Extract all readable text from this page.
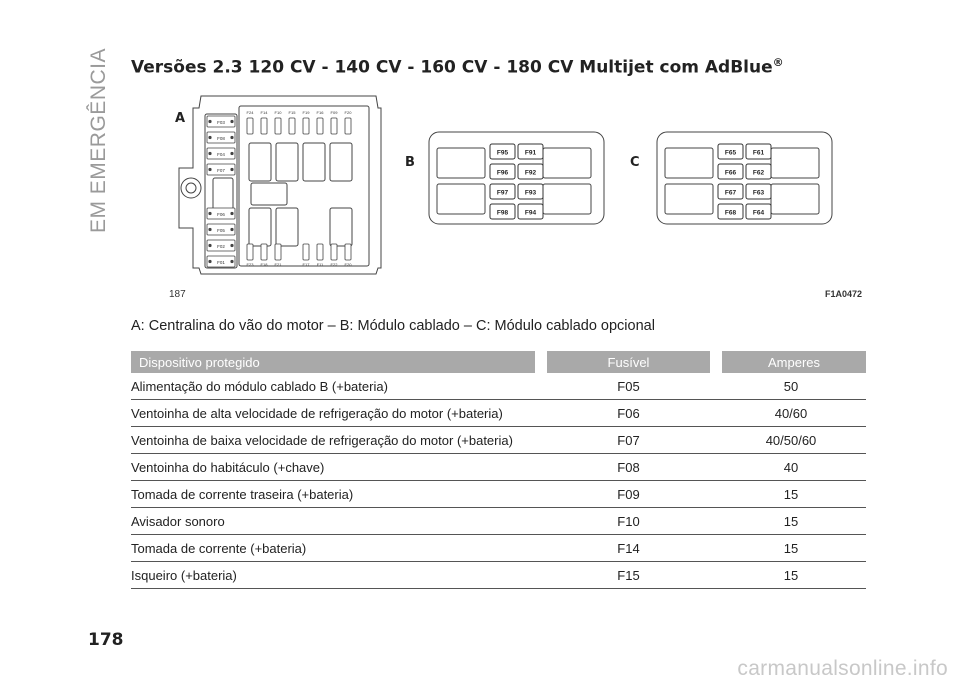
EM EMERGÊNCIA Versões 2.3 120 CV - 140 CV - 160 CV - 180 CV Multijet com AdBlue®
A	F03
F08
F04
F07
F06
F05
F02
F01
F24 F14 F10 F15 F19 F16 F09 F20
F23 F18 F21	F17 F11 F22 F20
B
F95	F91
F96	F92
F97	F93
F98	F94
C
F65	F61
F66	F62
F67	F63
F68	F64
187	F1A0472
A: Centralina do vão do motor – B: Módulo cablado – C: Módulo cablado opcional
Dispositivo protegido	Fusível	Amperes
Alimentação do módulo cablado B (+bateria)	F05	50
Ventoinha de alta velocidade de refrigeração do motor (+bateria)	F06	40/60
Ventoinha de baixa velocidade de refrigeração do motor (+bateria)	F07	40/50/60
Ventoinha do habitáculo (+chave)	F08	40
Tomada de corrente traseira (+bateria)	F09	15
Avisador sonoro	F10	15
Tomada de corrente (+bateria)	F14	15
Isqueiro (+bateria)	F15	15
178
carmanualsonline.info
